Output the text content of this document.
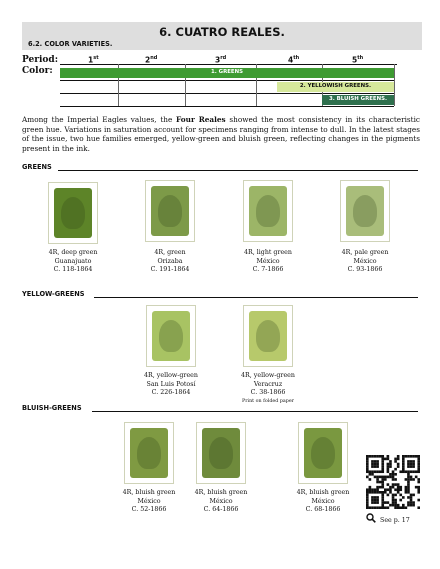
6. CUATRO REALES.
6.2. COLOR VARIETIES.
Period:
Color:
1st	2nd	3rd	4th	5th
1. GREENS
2. YELLOWISH GREENS.
3. BLUISH GREENS.
Among the Imperial Eagles values, the Four Reales showed the most consistency in its characteristic green hue. Variations in saturation account for specimens ranging from intense to dull. In the latest stages of the issue, two hue families emerged, yellow-green and bluish green, reflecting changes in the pigments present in the ink.
GREENS
4R, deep green
Guanajuato
C. 118-1864
4R, green
Orizaba
C. 191-1864
4R, light green
México
C. 7-1866
4R, pale green
México
C. 93-1866
YELLOW-GREENS
4R, yellow-green
San Luis Potosí
C. 226-1864
4R, yellow-green
Veracruz
C. 38-1866
Print on folded paper
BLUISH-GREENS
4R, bluish green
México
C. 52-1866
4R, bluish green
México
C. 64-1866
4R, bluish green
México
C. 68-1866
See p. 17
